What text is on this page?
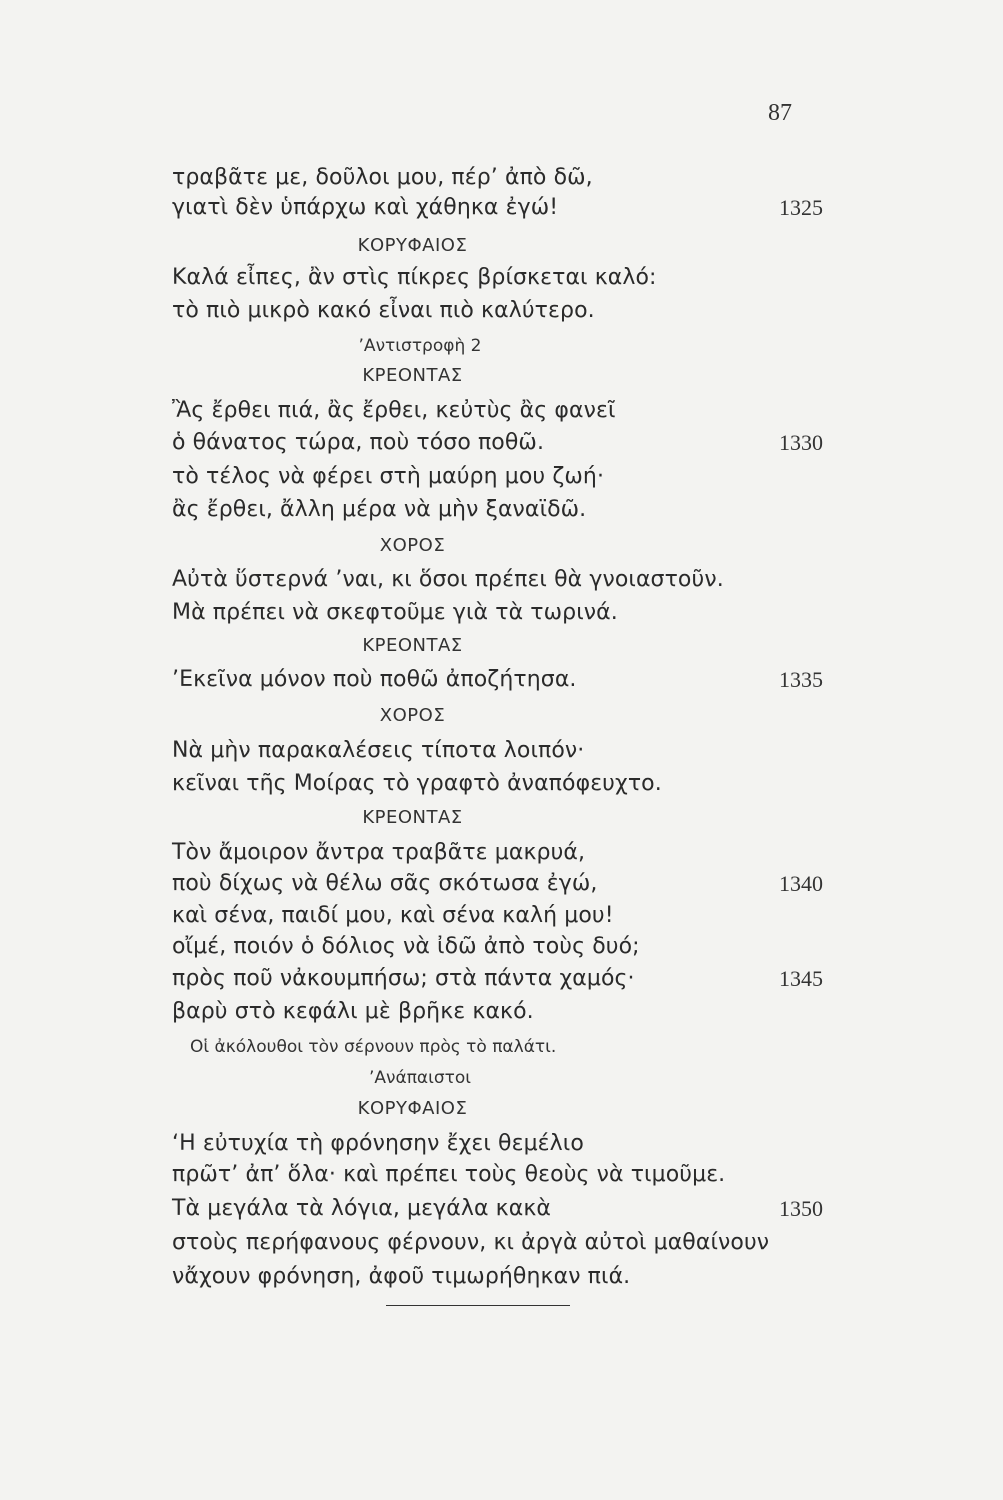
87
τραβᾶτε με, δοῦλοι μου, πέρ’ ἀπὸ δῶ,
γιατὶ δὲν ὑπάρχω καὶ χάθηκα ἐγώ!	1325
ΚΟΡΥΦΑΙΟΣ
Καλά εἶπες, ἂν στὶς πίκρες βρίσκεται καλό:
τὸ πιὸ μικρὸ κακό εἶναι πιὸ καλύτερο.
’Αντιστροφὴ 2
ΚΡΕΟΝΤΑΣ
Ἂς ἔρθει πιά, ἂς ἔρθει, κεὐτὺς ἂς φανεῖ
ὁ θάνατος τώρα, ποὺ τόσο ποθῶ.	1330
τὸ τέλος νὰ φέρει στὴ μαύρη μου ζωή·
ἂς ἔρθει, ἄλλη μέρα νὰ μὴν ξαναϊδῶ.
ΧΟΡΟΣ
Αὐτὰ ὕστερνά ’ναι, κι ὅσοι πρέπει θὰ γνοιαστοῦν.
Μὰ πρέπει νὰ σκεφτοῦμε γιὰ τὰ τωρινά.
ΚΡΕΟΝΤΑΣ
’Εκεῖνα μόνον ποὺ ποθῶ ἀποζήτησα.	1335
ΧΟΡΟΣ
Νὰ μὴν παρακαλέσεις τίποτα λοιπόν·
κεῖναι τῆς Μοίρας τὸ γραφτὸ ἀναπόφευχτο.
ΚΡΕΟΝΤΑΣ
Τὸν ἄμοιρον ἄντρα τραβᾶτε μακρυά,
ποὺ δίχως νὰ θέλω σᾶς σκότωσα ἐγώ,	1340
καὶ σένα, παιδί μου, καὶ σένα καλή μου!
οἴμέ, ποιόν ὁ δόλιος νὰ ἰδῶ ἀπὸ τοὺς δυό;
πρὸς ποῦ νἀκουμπήσω; στὰ πάντα χαμός·	1345
βαρὺ στὸ κεφάλι μὲ βρῆκε κακό.
Οἱ ἀκόλουθοι τὸν σέρνουν πρὸς τὸ παλάτι.
’Ανάπαιστοι
ΚΟΡΥΦΑΙΟΣ
‘Η εὐτυχία τὴ φρόνησην ἔχει θεμέλιο
πρῶτ’ ἀπ’ ὅλα· καὶ πρέπει τοὺς θεοὺς νὰ τιμοῦμε.
Τὰ μεγάλα τὰ λόγια, μεγάλα κακὰ	1350
στοὺς περήφανους φέρνουν, κι ἀργὰ αὐτοὶ μαθαίνουν
νἄχουν φρόνηση, ἀφοῦ τιμωρήθηκαν πιά.
